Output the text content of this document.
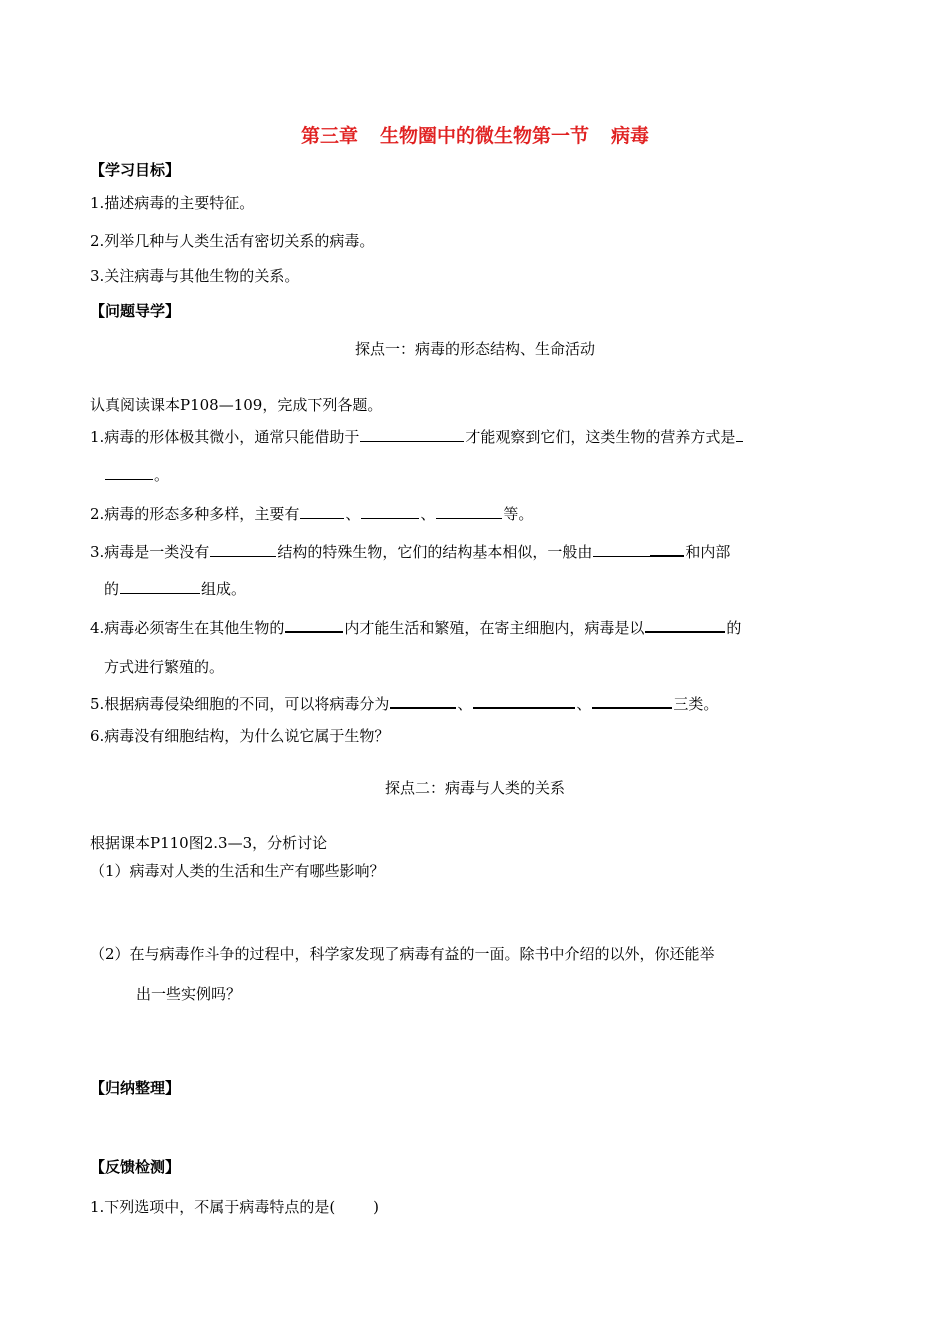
第三章 生物圈中的微生物第一节 病毒
【学习目标】
1.描述病毒的主要特征。
2.列举几种与人类生活有密切关系的病毒。
3.关注病毒与其他生物的关系。
【问题导学】
探点一：病毒的形态结构、生命活动
认真阅读课本P108—109，完成下列各题。
1.病毒的形体极其微小，通常只能借助于	才能观察到它们，这类生物的营养方式是
。
2.病毒的形态多种多样，主要有	、	、	等。
3.病毒是一类没有	结构的特殊生物，它们的结构基本相似，一般由	和内部
的	组成。
4.病毒必须寄生在其他生物的	内才能生活和繁殖，在寄主细胞内，病毒是以	的
方式进行繁殖的。
5.根据病毒侵染细胞的不同，可以将病毒分为	、	、	三类。
6.病毒没有细胞结构，为什么说它属于生物？
探点二：病毒与人类的关系
根据课本P110图2.3—3，分析讨论
（1）病毒对人类的生活和生产有哪些影响？
（2）在与病毒作斗争的过程中，科学家发现了病毒有益的一面。除书中介绍的以外，你还能举
出一些实例吗？
【归纳整理】
【反馈检测】
1.下列选项中，不属于病毒特点的是(	)
